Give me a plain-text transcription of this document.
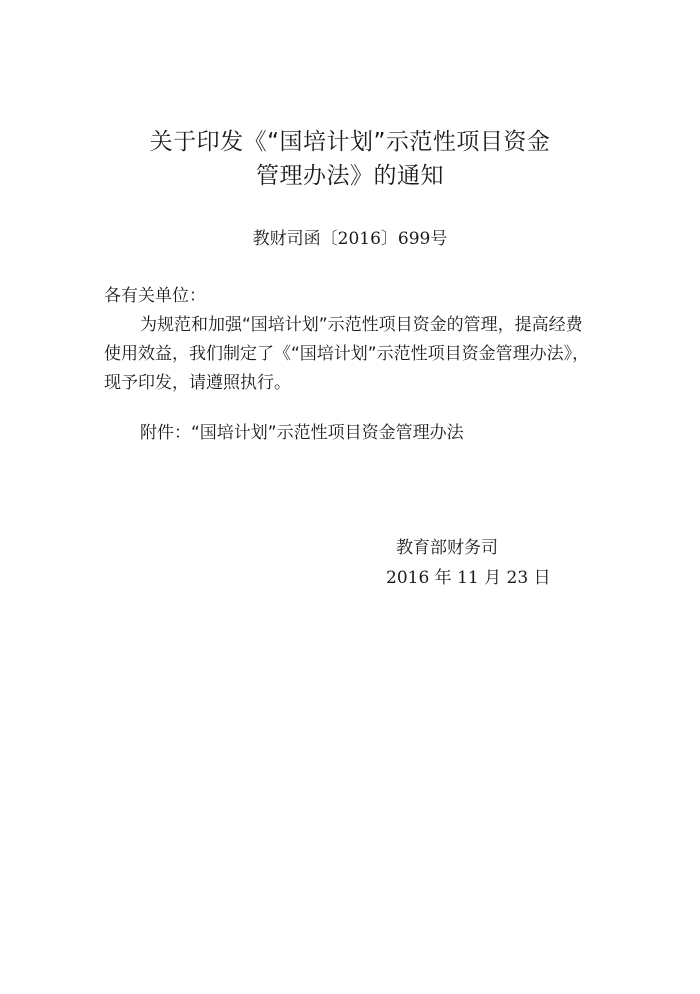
关于印发《“国培计划”示范性项目资金
管理办法》的通知
教财司函〔2016〕699号
各有关单位：
为规范和加强“国培计划”示范性项目资金的管理，提高经费
使用效益，我们制定了《“国培计划”示范性项目资金管理办法》，
现予印发，请遵照执行。
附件：“国培计划”示范性项目资金管理办法
教育部财务司
2016 年 11 月 23 日
